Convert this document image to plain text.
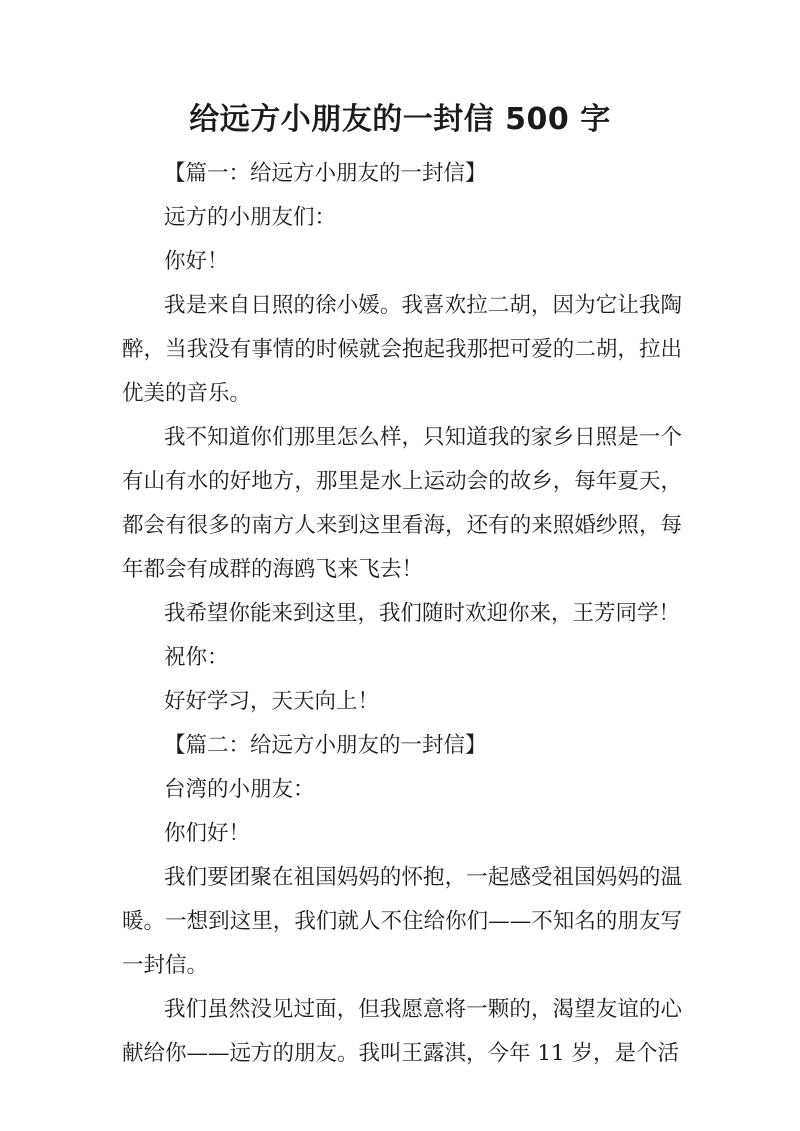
给远方小朋友的一封信 500 字

【篇一：给远方小朋友的一封信】

远方的小朋友们：

你好！

我是来自日照的徐小媛。我喜欢拉二胡，因为它让我陶醉，当我没有事情的时候就会抱起我那把可爱的二胡，拉出优美的音乐。

我不知道你们那里怎么样，只知道我的家乡日照是一个有山有水的好地方，那里是水上运动会的故乡，每年夏天，都会有很多的南方人来到这里看海，还有的来照婚纱照，每年都会有成群的海鸥飞来飞去！

我希望你能来到这里，我们随时欢迎你来，王芳同学！

祝你：

好好学习，天天向上！

【篇二：给远方小朋友的一封信】

台湾的小朋友：

你们好！

我们要团聚在祖国妈妈的怀抱，一起感受祖国妈妈的温暖。一想到这里，我们就人不住给你们——不知名的朋友写一封信。

我们虽然没见过面，但我愿意将一颗的，渴望友谊的心献给你——远方的朋友。我叫王露淇，今年 11 岁，是个活
